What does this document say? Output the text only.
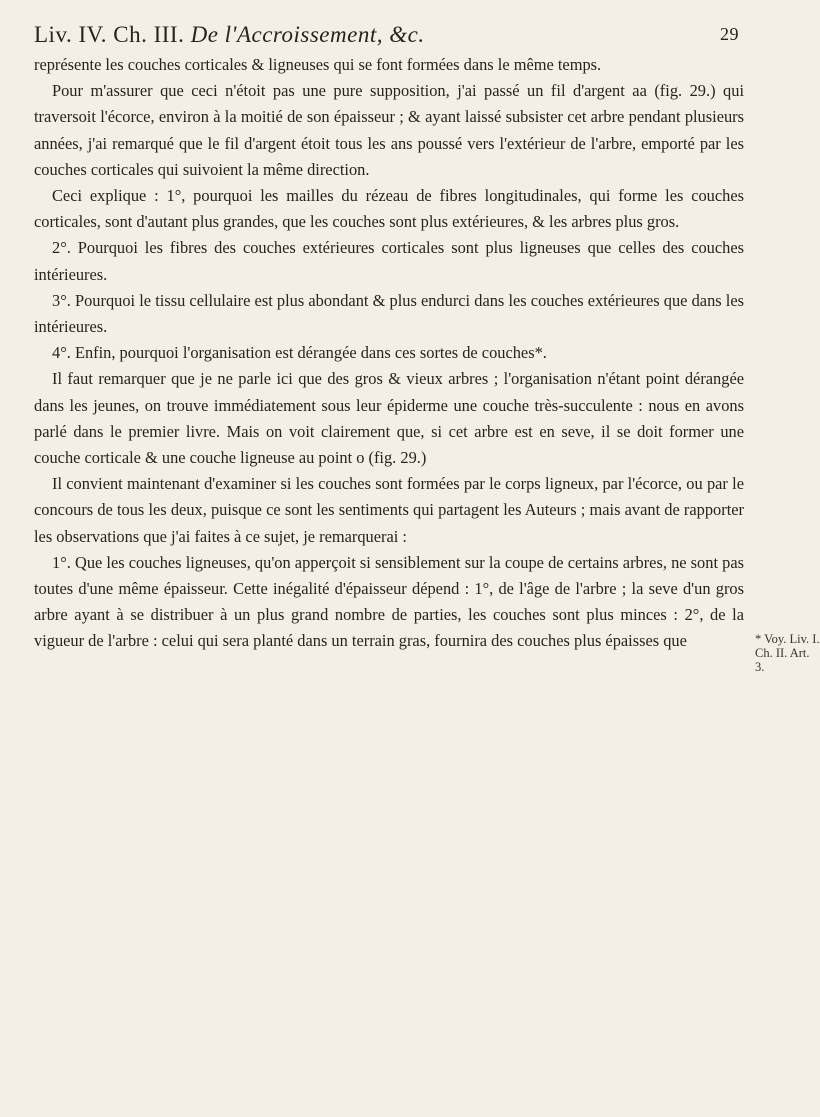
Liv. IV. Ch. III. De l'Accroissement, &c.	29

représente les couches corticales & ligneuses qui se font formées dans le même temps.

Pour m'assurer que ceci n'étoit pas une pure supposition, j'ai passé un fil d'argent aa (fig. 29.) qui traversoit l'écorce, environ à la moitié de son épaisseur ; & ayant laissé subsister cet arbre pendant plusieurs années, j'ai remarqué que le fil d'argent étoit tous les ans poussé vers l'extérieur de l'arbre, emporté par les couches corticales qui suivoient la même direction.

Ceci explique : 1°, pourquoi les mailles du rézeau de fibres longitudinales, qui forme les couches corticales, sont d'autant plus grandes, que les couches sont plus extérieures, & les arbres plus gros.

2°. Pourquoi les fibres des couches extérieures corticales sont plus ligneuses que celles des couches intérieures.

3°. Pourquoi le tissu cellulaire est plus abondant & plus endurci dans les couches extérieures que dans les intérieures.

4°. Enfin, pourquoi l'organisation est dérangée dans ces sortes de couches*.

Il faut remarquer que je ne parle ici que des gros & vieux arbres ; l'organisation n'étant point dérangée dans les jeunes, on trouve immédiatement sous leur épiderme une couche très-succulente : nous en avons parlé dans le premier livre. Mais on voit clairement que, si cet arbre est en seve, il se doit former une couche corticale & une couche ligneuse au point o (fig. 29.)

Il convient maintenant d'examiner si les couches sont formées par le corps ligneux, par l'écorce, ou par le concours de tous les deux, puisque ce sont les sentiments qui partagent les Auteurs ; mais avant de rapporter les observations que j'ai faites à ce sujet, je remarquerai :

1°. Que les couches ligneuses, qu'on apperçoit si sensiblement sur la coupe de certains arbres, ne sont pas toutes d'une même épaisseur. Cette inégalité d'épaisseur dépend : 1°, de l'âge de l'arbre ; la seve d'un gros arbre ayant à se distribuer à un plus grand nombre de parties, les couches sont plus minces : 2°, de la vigueur de l'arbre : celui qui sera planté dans un terrain gras, fournira des couches plus épaisses que	* Voy. Liv. I.
Ch. II. Art.
3.
